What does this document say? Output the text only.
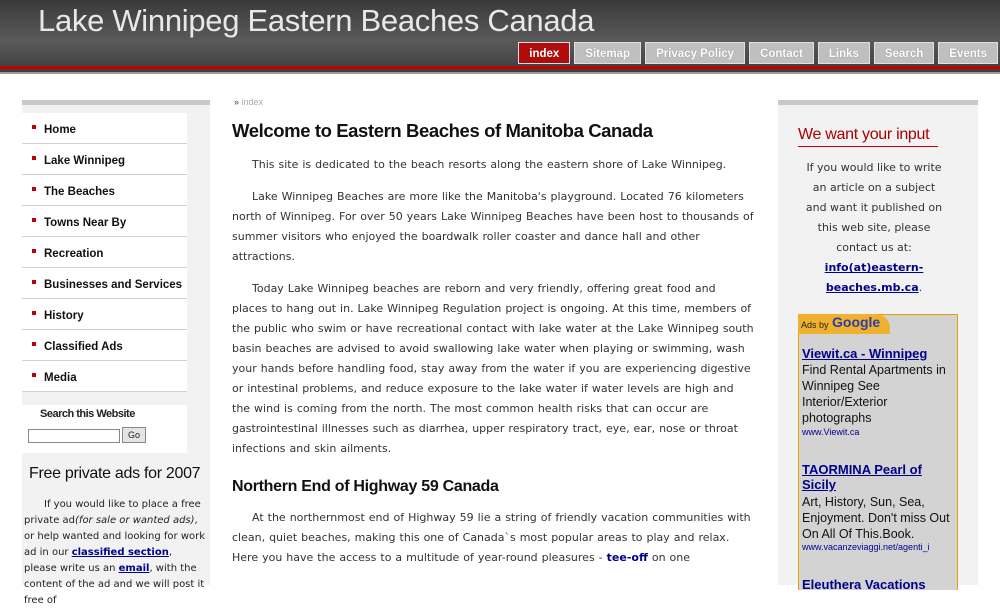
Lake Winnipeg Eastern Beaches Canada
index	Sitemap	Privacy Policy	Contact	Links	Search	Events
Home
Lake Winnipeg
The Beaches
Towns Near By
Recreation
Businesses and Services
History
Classified Ads
Media
Search this Website
Go
Free private ads for 2007
If you would like to place a free private ad(for sale or wanted ads), or help wanted and looking for work ad in our classified section, please write us an email, with the content of the ad and we will post it free of
» index
Welcome to Eastern Beaches of Manitoba Canada

This site is dedicated to the beach resorts along the eastern shore of Lake Winnipeg.

Lake Winnipeg Beaches are more like the Manitoba's playground. Located 76 kilometers north of Winnipeg. For over 50 years Lake Winnipeg Beaches have been host to thousands of summer visitors who enjoyed the boardwalk roller coaster and dance hall and other attractions.

Today Lake Winnipeg beaches are reborn and very friendly, offering great food and places to hang out in. Lake Winnipeg Regulation project is ongoing. At this time, members of the public who swim or have recreational contact with lake water at the Lake Winnipeg south basin beaches are advised to avoid swallowing lake water when playing or swimming, wash your hands before handling food, stay away from the water if you are experiencing digestive or intestinal problems, and reduce exposure to the lake water if water levels are high and the wind is coming from the north. The most common health risks that can occur are gastrointestinal illnesses such as diarrhea, upper respiratory tract, eye, ear, nose or throat infections and skin ailments.

Northern End of Highway 59 Canada

At the northernmost end of Highway 59 lie a string of friendly vacation communities with clean, quiet beaches, making this one of Canada`s most popular areas to play and relax. Here you have the access to a multitude of year-round pleasures - tee-off on one

We want your input
If you would like to write an article on a subject and want it published on this web site, please contact us at: info(at)eastern-beaches.mb.ca.
Ads by Google
Viewit.ca - Winnipeg
Find Rental Apartments in Winnipeg See Interior/Exterior photographs
www.Viewit.ca
TAORMINA Pearl of Sicily
Art, History, Sun, Sea, Enjoyment. Don't miss Out On All Of This.Book.
www.vacanzeviaggi.net/agenti_i
Eleuthera Vacations
